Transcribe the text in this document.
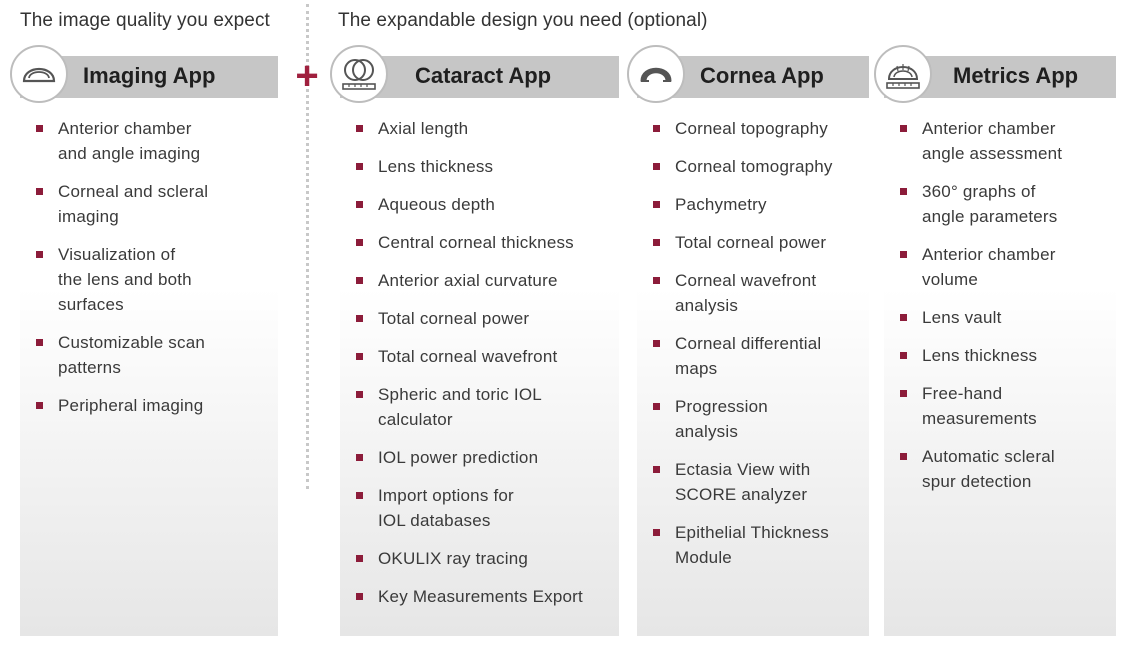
The image quality you expect	The expandable design you need (optional)
+
Imaging App
Anterior chamber
and angle imaging
Corneal and scleral
imaging
Visualization of
the lens and both
surfaces
Customizable scan
patterns
Peripheral imaging
Cataract App
Axial length
Lens thickness
Aqueous depth
Central corneal thickness
Anterior axial curvature
Total corneal power
Total corneal wavefront
Spheric and toric IOL
calculator
IOL power prediction
Import options for
IOL databases
OKULIX ray tracing
Key Measurements Export
Cornea App
Corneal topography
Corneal tomography
Pachymetry
Total corneal power
Corneal wavefront
analysis
Corneal differential
maps
Progression
analysis
Ectasia View with
SCORE analyzer
Epithelial Thickness
Module
Metrics App
Anterior chamber
angle assessment
360° graphs of
angle parameters
Anterior chamber
volume
Lens vault
Lens thickness
Free-hand
measurements
Automatic scleral
spur detection
